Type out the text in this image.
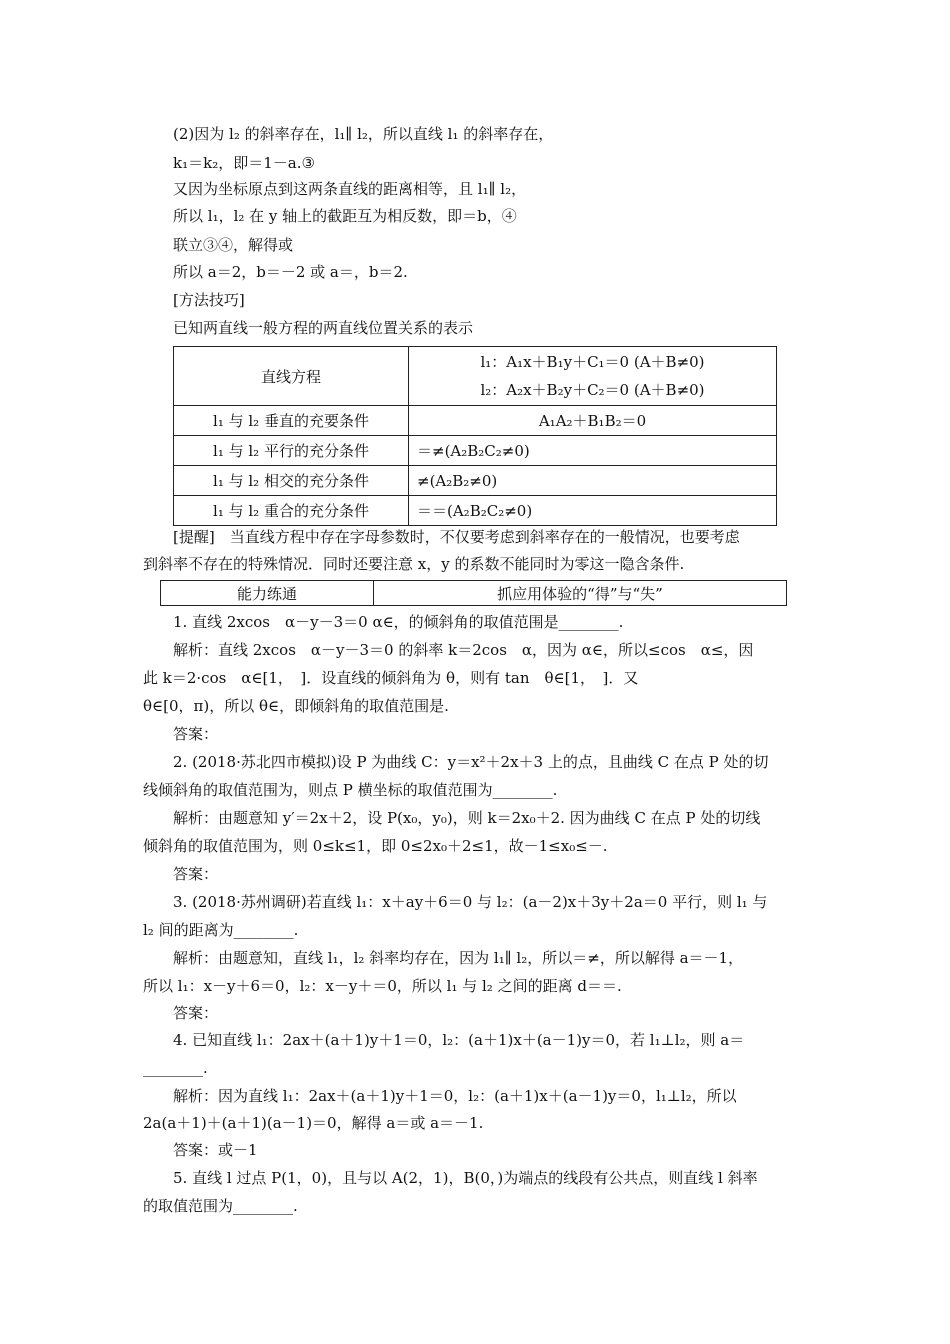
(2)因为 l₂ 的斜率存在，l₁∥ l₂，所以直线 l₁ 的斜率存在，
k₁＝k₂，即＝1－a.③
又因为坐标原点到这两条直线的距离相等，且 l₁∥ l₂，
所以 l₁，l₂ 在 y 轴上的截距互为相反数，即＝b，④
联立③④，解得或
所以 a＝2，b＝－2 或 a＝，b＝2.
[方法技巧]
已知两直线一般方程的两直线位置关系的表示
直线方程	l₁：A₁x＋B₁y＋C₁＝0 (A＋B≠0)
l₂：A₂x＋B₂y＋C₂＝0 (A＋B≠0)

l₁ 与 l₂ 垂直的充要条件	A₁A₂＋B₁B₂＝0
l₁ 与 l₂ 平行的充分条件	＝≠(A₂B₂C₂≠0)
l₁ 与 l₂ 相交的充分条件	≠(A₂B₂≠0)
l₁ 与 l₂ 重合的充分条件	＝＝(A₂B₂C₂≠0)
[提醒]　当直线方程中存在字母参数时，不仅要考虑到斜率存在的一般情况，也要考虑
到斜率不存在的特殊情况．同时还要注意 x，y 的系数不能同时为零这一隐含条件.
能力练通	抓应用体验的“得”与“失”
1. 直线 2xcos　α－y－3＝0 α∈，的倾斜角的取值范围是________.
解析：直线 2xcos　α－y－3＝0 的斜率 k＝2cos　α，因为 α∈，所以≤cos　α≤，因
此 k＝2·cos　α∈[1，　]．设直线的倾斜角为 θ，则有 tan　θ∈[1，　]．又
θ∈[0，π)，所以 θ∈，即倾斜角的取值范围是.
答案：
2. (2018·苏北四市模拟)设 P 为曲线 C：y＝x²＋2x＋3 上的点，且曲线 C 在点 P 处的切
线倾斜角的取值范围为，则点 P 横坐标的取值范围为________.
解析：由题意知 y′＝2x＋2，设 P(x₀，y₀)，则 k＝2x₀＋2. 因为曲线 C 在点 P 处的切线
倾斜角的取值范围为，则 0≤k≤1，即 0≤2x₀＋2≤1，故－1≤x₀≤－.
答案：
3. (2018·苏州调研)若直线 l₁：x＋ay＋6＝0 与 l₂：(a－2)x＋3y＋2a＝0 平行，则 l₁ 与
l₂ 间的距离为________.
解析：由题意知，直线 l₁，l₂ 斜率均存在，因为 l₁∥ l₂，所以＝≠，所以解得 a＝－1，
所以 l₁：x－y＋6＝0，l₂：x－y＋＝0，所以 l₁ 与 l₂ 之间的距离 d＝＝.
答案：
4. 已知直线 l₁：2ax＋(a＋1)y＋1＝0，l₂：(a＋1)x＋(a－1)y＝0，若 l₁⊥l₂，则 a＝
________.
解析：因为直线 l₁：2ax＋(a＋1)y＋1＝0，l₂：(a＋1)x＋(a－1)y＝0，l₁⊥l₂，所以
2a(a＋1)＋(a＋1)(a－1)＝0，解得 a＝或 a＝－1.
答案：或－1
5. 直线 l 过点 P(1，0)，且与以 A(2，1)，B(0，)为端点的线段有公共点，则直线 l 斜率
的取值范围为________.
